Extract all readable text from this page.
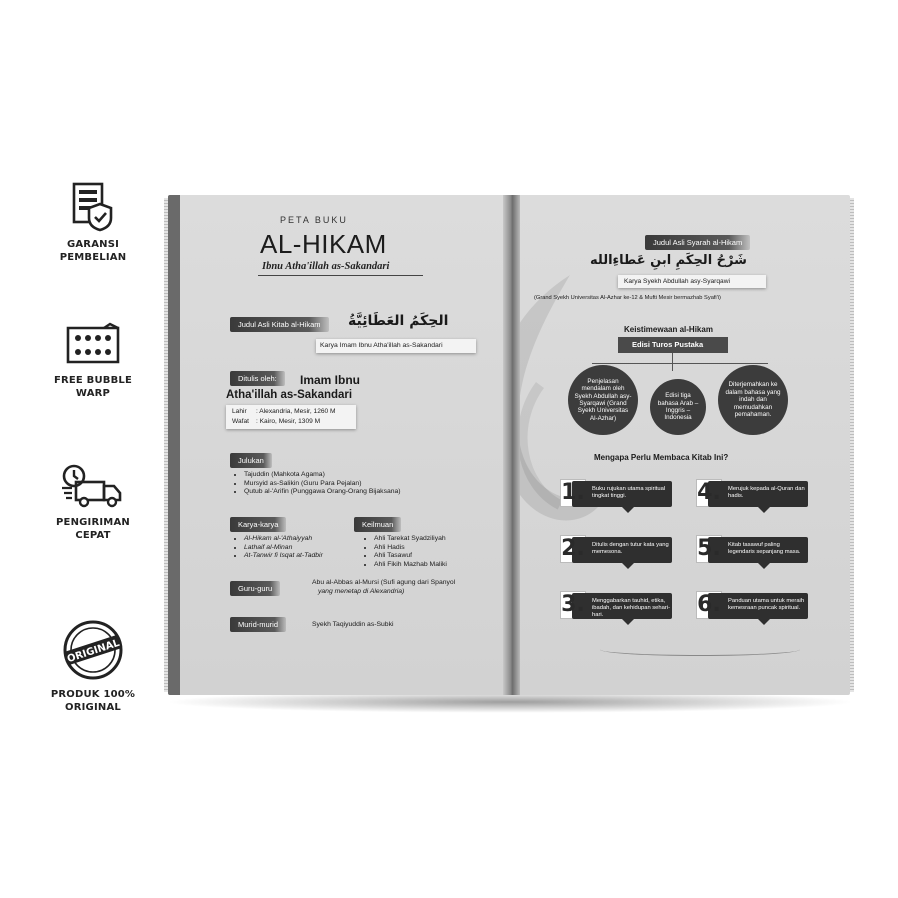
GARANSI
PEMBELIAN
FREE BUBBLE
WARP
PENGIRIMAN
CEPAT
ORIGINAL
PRODUK 100%
ORIGINAL
PETA BUKU
AL-HIKAM
Ibnu Atha'illah as-Sakandari
Judul Asli Kitab al-Hikam	الحِكَمُ العَطَائِيَّةُ
Karya Imam Ibnu Atha'illah as-Sakandari
Ditulis oleh:	Imam Ibnu
Atha'illah as-Sakandari
Lahir : Alexandria, Mesir, 1260 M
Wafat : Kairo, Mesir, 1309 M
Julukan
• Tajuddin (Mahkota Agama)
• Mursyid as-Salikin (Guru Para Pejalan)
• Qutub al-'Arifin (Punggawa Orang-Orang Bijaksana)
Karya-karya
• Al-Hikam al-'Athaiyyah
• Lathaif al-Minan
• At-Tanwir fi Isqat at-Tadbir
Keilmuan
• Ahli Tarekat Syadziliyah
• Ahli Hadis
• Ahli Tasawuf
• Ahli Fikih Mazhab Maliki
Guru-guru
Abu al-Abbas al-Mursi (Sufi agung dari Spanyol
yang menetap di Alexandria)
Murid-murid	Syekh Taqiyuddin as-Subki
Judul Asli Syarah al-Hikam
شَرْحُ الحِكَمِ ابنِ عَطاءِالله
Karya Syekh Abdullah asy-Syarqawi
(Grand Syekh Universitas Al-Azhar ke-12 & Mufti Mesir bermazhab Syafi'i)
Keistimewaan al-Hikam
Edisi Turos Pustaka
Penjelasan mendalam oleh Syekh Abdullah asy-Syarqawi (Grand Syekh Universitas Al-Azhar)
Edisi tiga bahasa Arab – Inggris – Indonesia
Diterjemahkan ke dalam bahasa yang indah dan memudahkan pemahaman.
Mengapa Perlu Membaca Kitab Ini?
1. Buku rujukan utama spiritual tingkat tinggi.
2. Ditulis dengan tutur kata yang memesona.
3. Menggabarkan tauhid, etika, ibadah, dan kehidupan sehari-hari.
4. Merujuk kepada al-Quran dan hadis.
5. Kitab tasawuf paling legendaris sepanjang masa.
6. Panduan utama untuk meraih kemesraan puncak spiritual.
